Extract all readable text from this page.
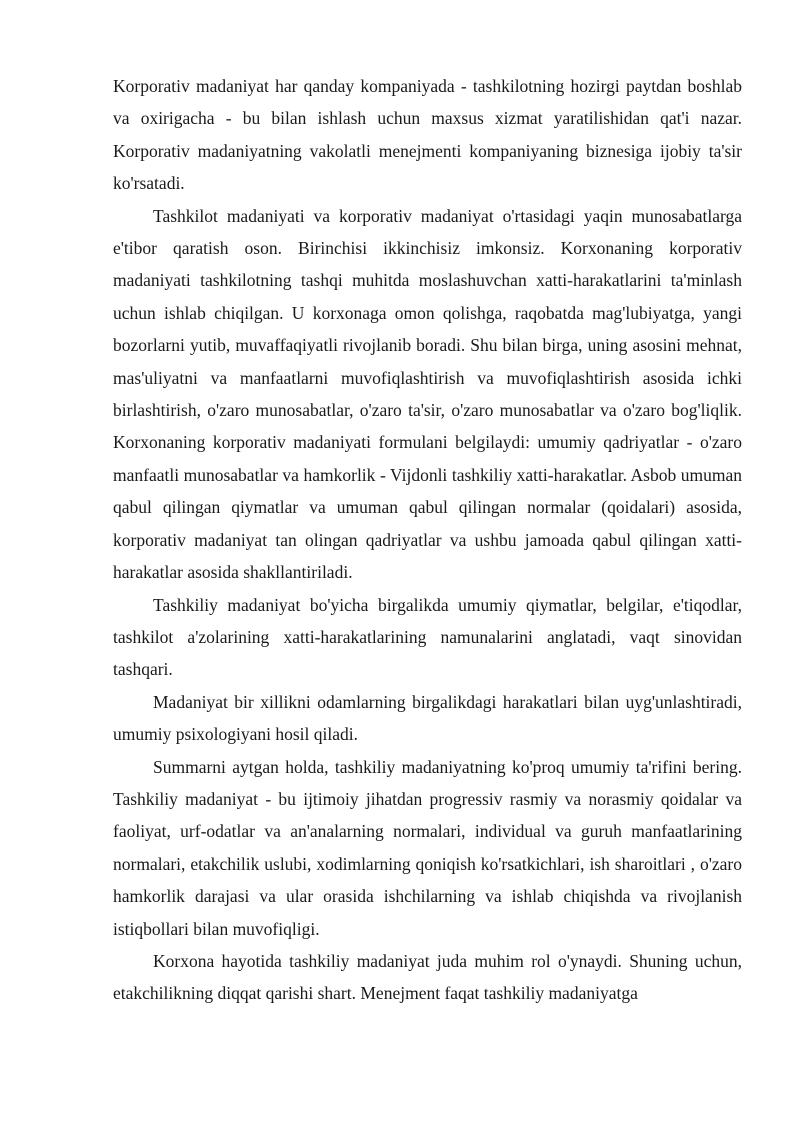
Korporativ madaniyat har qanday kompaniyada - tashkilotning hozirgi paytdan boshlab va oxirigacha - bu bilan ishlash uchun maxsus xizmat yaratilishidan qat'i nazar. Korporativ madaniyatning vakolatli menejmenti kompaniyaning biznesiga ijobiy ta'sir ko'rsatadi.

Tashkilot madaniyati va korporativ madaniyat o'rtasidagi yaqin munosabatlarga e'tibor qaratish oson. Birinchisi ikkinchisiz imkonsiz. Korxonaning korporativ madaniyati tashkilotning tashqi muhitda moslashuvchan xatti-harakatlarini ta'minlash uchun ishlab chiqilgan. U korxonaga omon qolishga, raqobatda mag'lubiyatga, yangi bozorlarni yutib, muvaffaqiyatli rivojlanib boradi. Shu bilan birga, uning asosini mehnat, mas'uliyatni va manfaatlarni muvofiqlashtirish va muvofiqlashtirish asosida ichki birlashtirish, o'zaro munosabatlar, o'zaro ta'sir, o'zaro munosabatlar va o'zaro bog'liqlik. Korxonaning korporativ madaniyati formulani belgilaydi: umumiy qadriyatlar - o'zaro manfaatli munosabatlar va hamkorlik - Vijdonli tashkiliy xatti-harakatlar. Asbob umuman qabul qilingan qiymatlar va umuman qabul qilingan normalar (qoidalari) asosida, korporativ madaniyat tan olingan qadriyatlar va ushbu jamoada qabul qilingan xatti-harakatlar asosida shakllantiriladi.

Tashkiliy madaniyat bo'yicha birgalikda umumiy qiymatlar, belgilar, e'tiqodlar, tashkilot a'zolarining xatti-harakatlarining namunalarini anglatadi, vaqt sinovidan tashqari.

Madaniyat bir xillikni odamlarning birgalikdagi harakatlari bilan uyg'unlashtiradi, umumiy psixologiyani hosil qiladi.

Summarni aytgan holda, tashkiliy madaniyatning ko'proq umumiy ta'rifini bering. Tashkiliy madaniyat - bu ijtimoiy jihatdan progressiv rasmiy va norasmiy qoidalar va faoliyat, urf-odatlar va an'analarning normalari, individual va guruh manfaatlarining normalari, etakchilik uslubi, xodimlarning qoniqish ko'rsatkichlari, ish sharoitlari , o'zaro hamkorlik darajasi va ular orasida ishchilarning va ishlab chiqishda va rivojlanish istiqbollari bilan muvofiqligi.

Korxona hayotida tashkiliy madaniyat juda muhim rol o'ynaydi. Shuning uchun, etakchilikning diqqat qarishi shart. Menejment faqat tashkiliy madaniyatga
